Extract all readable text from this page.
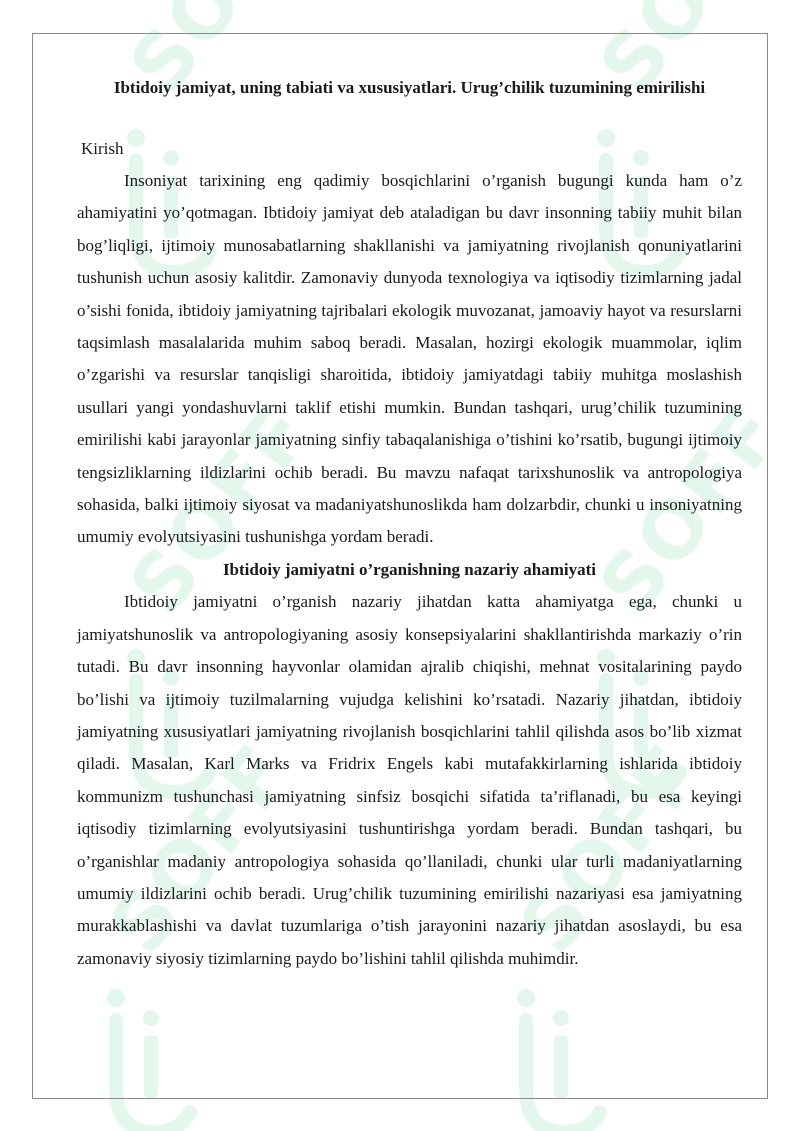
Ibtidoiy jamiyat, uning tabiati va xususiyatlari. Urug’chilik tuzumining emirilishi
Kirish

Insoniyat tarixining eng qadimiy bosqichlarini o’rganish bugungi kunda ham o’z ahamiyatini yo’qotmagan. Ibtidoiy jamiyat deb ataladigan bu davr insonning tabiiy muhit bilan bog’liqligi, ijtimoiy munosabatlarning shakllanishi va jamiyatning rivojlanish qonuniyatlarini tushunish uchun asosiy kalitdir. Zamonaviy dunyoda texnologiya va iqtisodiy tizimlarning jadal o’sishi fonida, ibtidoiy jamiyatning tajribalari ekologik muvozanat, jamoaviy hayot va resurslarni taqsimlash masalalarida muhim saboq beradi. Masalan, hozirgi ekologik muammolar, iqlim o’zgarishi va resurslar tanqisligi sharoitida, ibtidoiy jamiyatdagi tabiiy muhitga moslashish usullari yangi yondashuvlarni taklif etishi mumkin. Bundan tashqari, urug’chilik tuzumining emirilishi kabi jarayonlar jamiyatning sinfiy tabaqalanishiga o’tishini ko’rsatib, bugungi ijtimoiy tengsizliklarning ildizlarini ochib beradi. Bu mavzu nafaqat tarixshunoslik va antropologiya sohasida, balki ijtimoiy siyosat va madaniyatshunoslikda ham dolzarbdir, chunki u insoniyatning umumiy evolyutsiyasini tushunishga yordam beradi.

Ibtidoiy jamiyatni o’rganishning nazariy ahamiyati

Ibtidoiy jamiyatni o’rganish nazariy jihatdan katta ahamiyatga ega, chunki u jamiyatshunoslik va antropologiyaning asosiy konsepsiyalarini shakllantirishda markaziy o’rin tutadi. Bu davr insonning hayvonlar olamidan ajralib chiqishi, mehnat vositalarining paydo bo’lishi va ijtimoiy tuzilmalarning vujudga kelishini ko’rsatadi. Nazariy jihatdan, ibtidoiy jamiyatning xususiyatlari jamiyatning rivojlanish bosqichlarini tahlil qilishda asos bo’lib xizmat qiladi. Masalan, Karl Marks va Fridrix Engels kabi mutafakkirlarning ishlarida ibtidoiy kommunizm tushunchasi jamiyatning sinfsiz bosqichi sifatida ta’riflanadi, bu esa keyingi iqtisodiy tizimlarning evolyutsiyasini tushuntirishga yordam beradi. Bundan tashqari, bu o’rganishlar madaniy antropologiya sohasida qo’llaniladi, chunki ular turli madaniyatlarning umumiy ildizlarini ochib beradi. Urug’chilik tuzumining emirilishi nazariyasi esa jamiyatning murakkablashishi va davlat tuzumlariga o’tish jarayonini nazariy jihatdan asoslaydi, bu esa zamonaviy siyosiy tizimlarning paydo bo’lishini tahlil qilishda muhimdir.
